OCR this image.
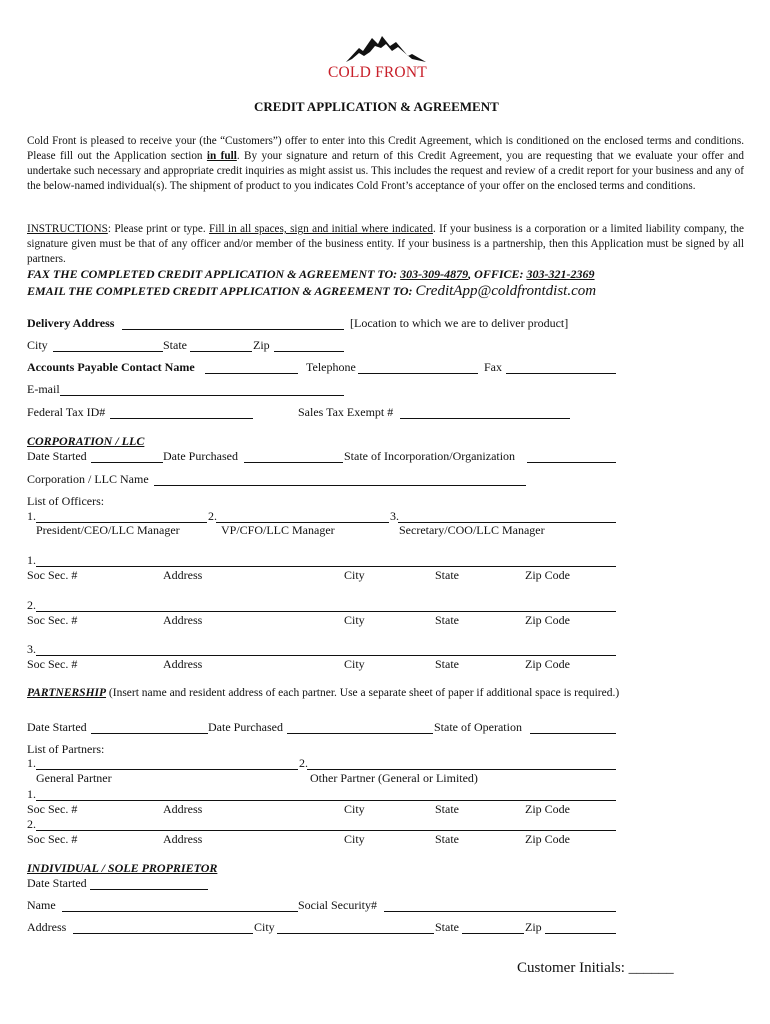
COLD FRONT
CREDIT APPLICATION & AGREEMENT
Cold Front is pleased to receive your (the “Customers”) offer to enter into this Credit Agreement, which is conditioned on the enclosed terms and conditions. Please fill out the Application section in full. By your signature and return of this Credit Agreement, you are requesting that we evaluate your offer and undertake such necessary and appropriate credit inquiries as might assist us. This includes the request and review of a credit report for your business and any of the below-named individual(s). The shipment of product to you indicates Cold Front’s acceptance of your offer on the enclosed terms and conditions.
INSTRUCTIONS: Please print or type. Fill in all spaces, sign and initial where indicated. If your business is a corporation or a limited liability company, the signature given must be that of any officer and/or member of the business entity. If your business is a partnership, then this Application must be signed by all partners.
FAX THE COMPLETED CREDIT APPLICATION & AGREEMENT TO: 303-309-4879, OFFICE: 303-321-2369
EMAIL THE COMPLETED CREDIT APPLICATION & AGREEMENT TO: CreditApp@coldfrontdist.com
Delivery Address	[Location to which we are to deliver product]
City	State	Zip
Accounts Payable Contact Name	Telephone	Fax
E-mail
Federal Tax ID#	Sales Tax Exempt #
CORPORATION / LLC
Date Started	Date Purchased	State of Incorporation/Organization
Corporation / LLC Name
List of Officers:
1.	2.	3.
President/CEO/LLC Manager	VP/CFO/LLC Manager	Secretary/COO/LLC Manager
1.
Soc Sec. #	Address	City	State	Zip Code
2.
Soc Sec. #	Address	City	State	Zip Code
3.
Soc Sec. #	Address	City	State	Zip Code
PARTNERSHIP (Insert name and resident address of each partner. Use a separate sheet of paper if additional space is required.)
Date Started	Date Purchased	State of Operation
List of Partners:
1.	2.
General Partner	Other Partner (General or Limited)
1.
Soc Sec. #	Address	City	State	Zip Code
2.
Soc Sec. #	Address	City	State	Zip Code
INDIVIDUAL / SOLE PROPRIETOR
Date Started
Name	Social Security#
Address	City	State	Zip
Customer Initials: ______
